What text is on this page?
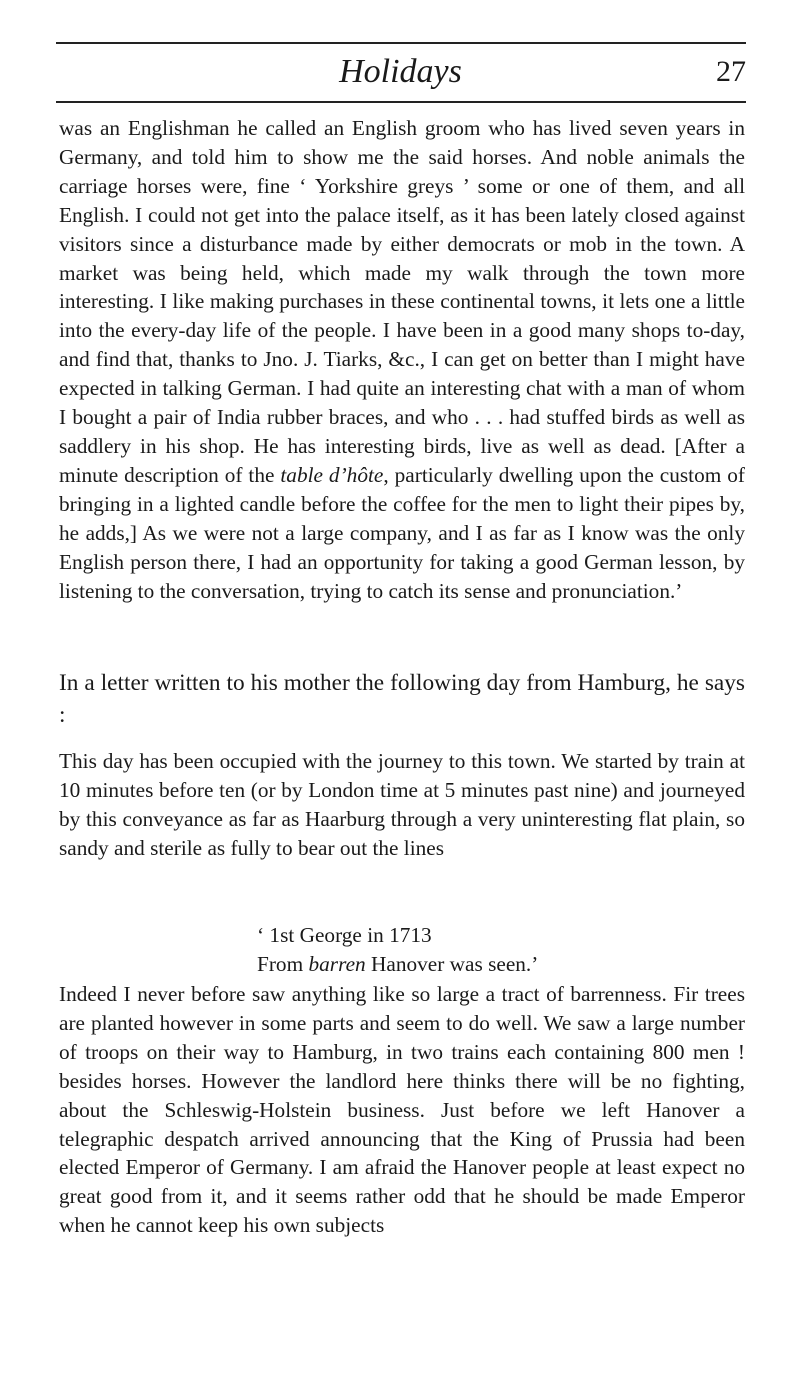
Holidays	27

was an Englishman he called an English groom who has lived seven years in Germany, and told him to show me the said horses. And noble animals the carriage horses were, fine ‘ Yorkshire greys ’ some or one of them, and all English. I could not get into the palace itself, as it has been lately closed against visitors since a disturbance made by either democrats or mob in the town. A market was being held, which made my walk through the town more interesting. I like making purchases in these continental towns, it lets one a little into the every-day life of the people. I have been in a good many shops to-day, and find that, thanks to Jno. J. Tiarks, &c., I can get on better than I might have expected in talking German. I had quite an interesting chat with a man of whom I bought a pair of India rubber braces, and who . . . had stuffed birds as well as saddlery in his shop. He has interesting birds, live as well as dead. [After a minute description of the table d’hôte, particularly dwelling upon the custom of bringing in a lighted candle before the coffee for the men to light their pipes by, he adds,] As we were not a large company, and I as far as I know was the only English person there, I had an opportunity for taking a good German lesson, by listening to the conversation, trying to catch its sense and pronunciation.’

In a letter written to his mother the following day from Hamburg, he says :

This day has been occupied with the journey to this town. We started by train at 10 minutes before ten (or by London time at 5 minutes past nine) and journeyed by this conveyance as far as Haarburg through a very uninteresting flat plain, so sandy and sterile as fully to bear out the lines

‘ 1st George in 1713
From barren Hanover was seen.’

Indeed I never before saw anything like so large a tract of barrenness. Fir trees are planted however in some parts and seem to do well. We saw a large number of troops on their way to Hamburg, in two trains each containing 800 men ! besides horses. However the landlord here thinks there will be no fighting, about the Schleswig-Holstein business. Just before we left Hanover a telegraphic despatch arrived announcing that the King of Prussia had been elected Emperor of Germany. I am afraid the Hanover people at least expect no great good from it, and it seems rather odd that he should be made Emperor when he cannot keep his own subjects
